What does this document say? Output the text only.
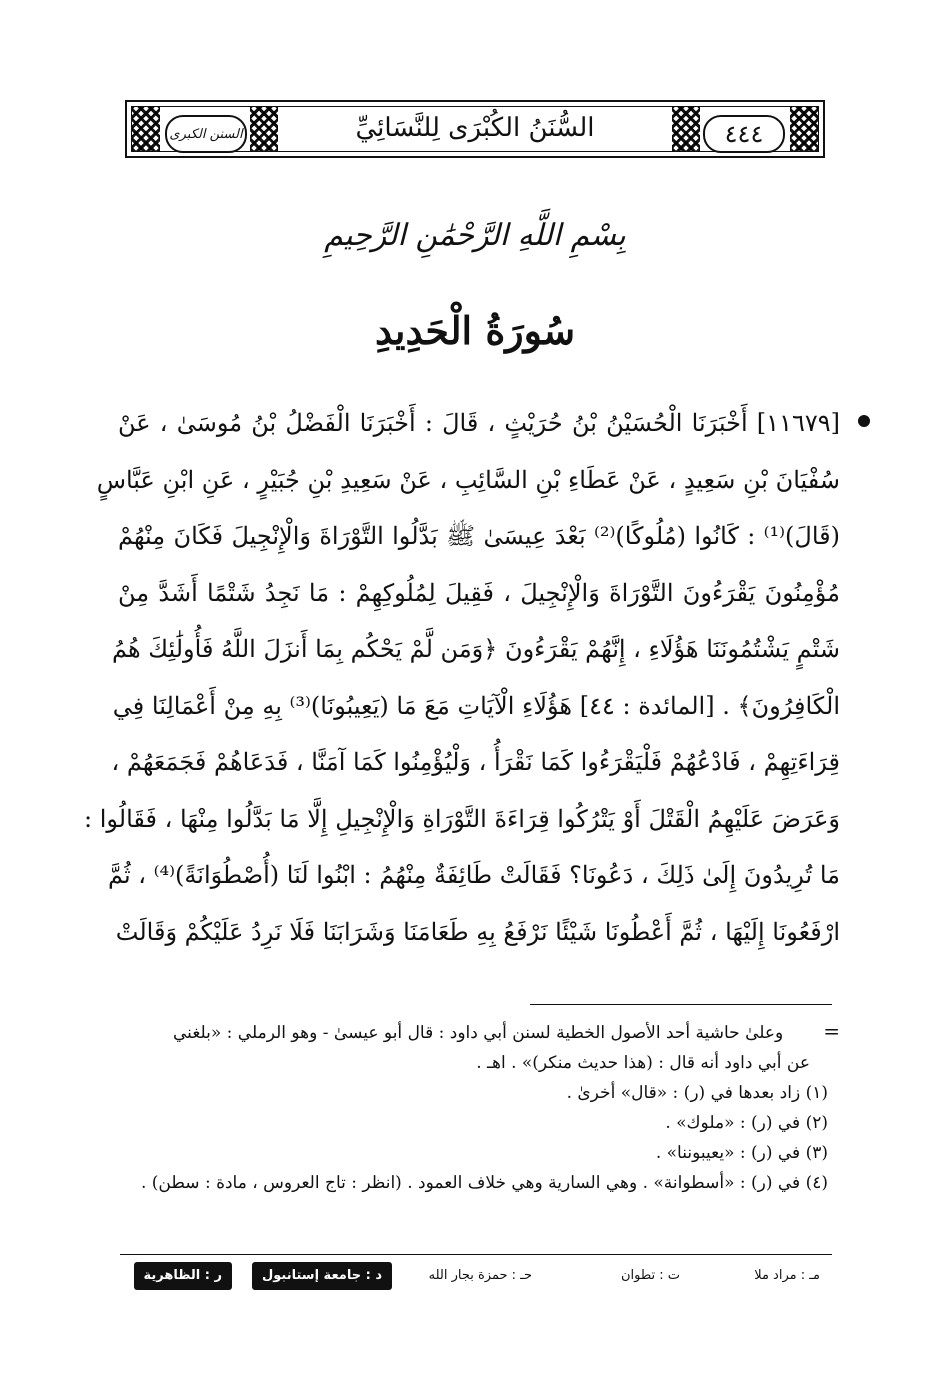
السنن الكبرى	السُّنَنُ الكُبْرَى لِلنَّسَائِيِّ	٤٤٤
بِسْمِ اللَّهِ الرَّحْمَٰنِ الرَّحِيمِ
سُورَةُ الْحَدِيدِ
[١١٦٧٩] أَخْبَرَنَا الْحُسَيْنُ بْنُ حُرَيْثٍ ، قَالَ : أَخْبَرَنَا الْفَضْلُ بْنُ مُوسَىٰ ، عَنْ
سُفْيَانَ بْنِ سَعِيدٍ ، عَنْ عَطَاءِ بْنِ السَّائِبِ ، عَنْ سَعِيدِ بْنِ جُبَيْرٍ ، عَنِ ابْنِ عَبَّاسٍ
(قَالَ)⁽¹⁾ : كَانُوا (مُلُوكًا)⁽²⁾ بَعْدَ عِيسَىٰ ﷺ بَدَّلُوا التَّوْرَاةَ وَالْإِنْجِيلَ فَكَانَ مِنْهُمْ
مُؤْمِنُونَ يَقْرَءُونَ التَّوْرَاةَ وَالْإِنْجِيلَ ، فَقِيلَ لِمُلُوكِهِمْ : مَا نَجِدُ شَتْمًا أَشَدَّ مِنْ
شَتْمٍ يَشْتُمُونَنَا هَؤُلَاءِ ، إِنَّهُمْ يَقْرَءُونَ ﴿وَمَن لَّمْ يَحْكُم بِمَا أَنزَلَ اللَّهُ فَأُولَٰئِكَ هُمُ
الْكَافِرُونَ﴾ . [المائدة : ٤٤] هَؤُلَاءِ الْآيَاتِ مَعَ مَا (يَعِيبُونَا)⁽³⁾ بِهِ مِنْ أَعْمَالِنَا فِي
قِرَاءَتِهِمْ ، فَادْعُهُمْ فَلْيَقْرَءُوا كَمَا نَقْرَأُ ، وَلْيُؤْمِنُوا كَمَا آمَنَّا ، فَدَعَاهُمْ فَجَمَعَهُمْ ،
وَعَرَضَ عَلَيْهِمُ الْقَتْلَ أَوْ يَتْرُكُوا قِرَاءَةَ التَّوْرَاةِ وَالْإِنْجِيلِ إِلَّا مَا بَدَّلُوا مِنْهَا ، فَقَالُوا :
مَا تُرِيدُونَ إِلَىٰ ذَلِكَ ، دَعُونَا؟ فَقَالَتْ طَائِفَةٌ مِنْهُمُ : ابْنُوا لَنَا (أُصْطُوَانَةً)⁽⁴⁾ ، ثُمَّ
ارْفَعُونَا إِلَيْهَا ، ثُمَّ أَعْطُونَا شَيْئًا نَرْفَعُ بِهِ طَعَامَنَا وَشَرَابَنَا فَلَا نَرِدُ عَلَيْكُمْ وَقَالَتْ
=وعلىٰ حاشية أحد الأصول الخطية لسنن أبي داود : قال أبو عيسىٰ - وهو الرملي : «بلغني
عن أبي داود أنه قال : (هذا حديث منكر)» . اهـ .
(١) زاد بعدها في (ر) : «قال» أخرىٰ .
(٢) في (ر) : «ملوك» .
(٣) في (ر) : «يعيبوننا» .
(٤) في (ر) : «أسطوانة» . وهي السارية وهي خلاف العمود . (انظر : تاج العروس ، مادة : سطن) .
مـ : مراد ملا
ت : تطوان
حـ : حمزة بجار الله
د : جامعة إستانبول
ر : الظاهرية
